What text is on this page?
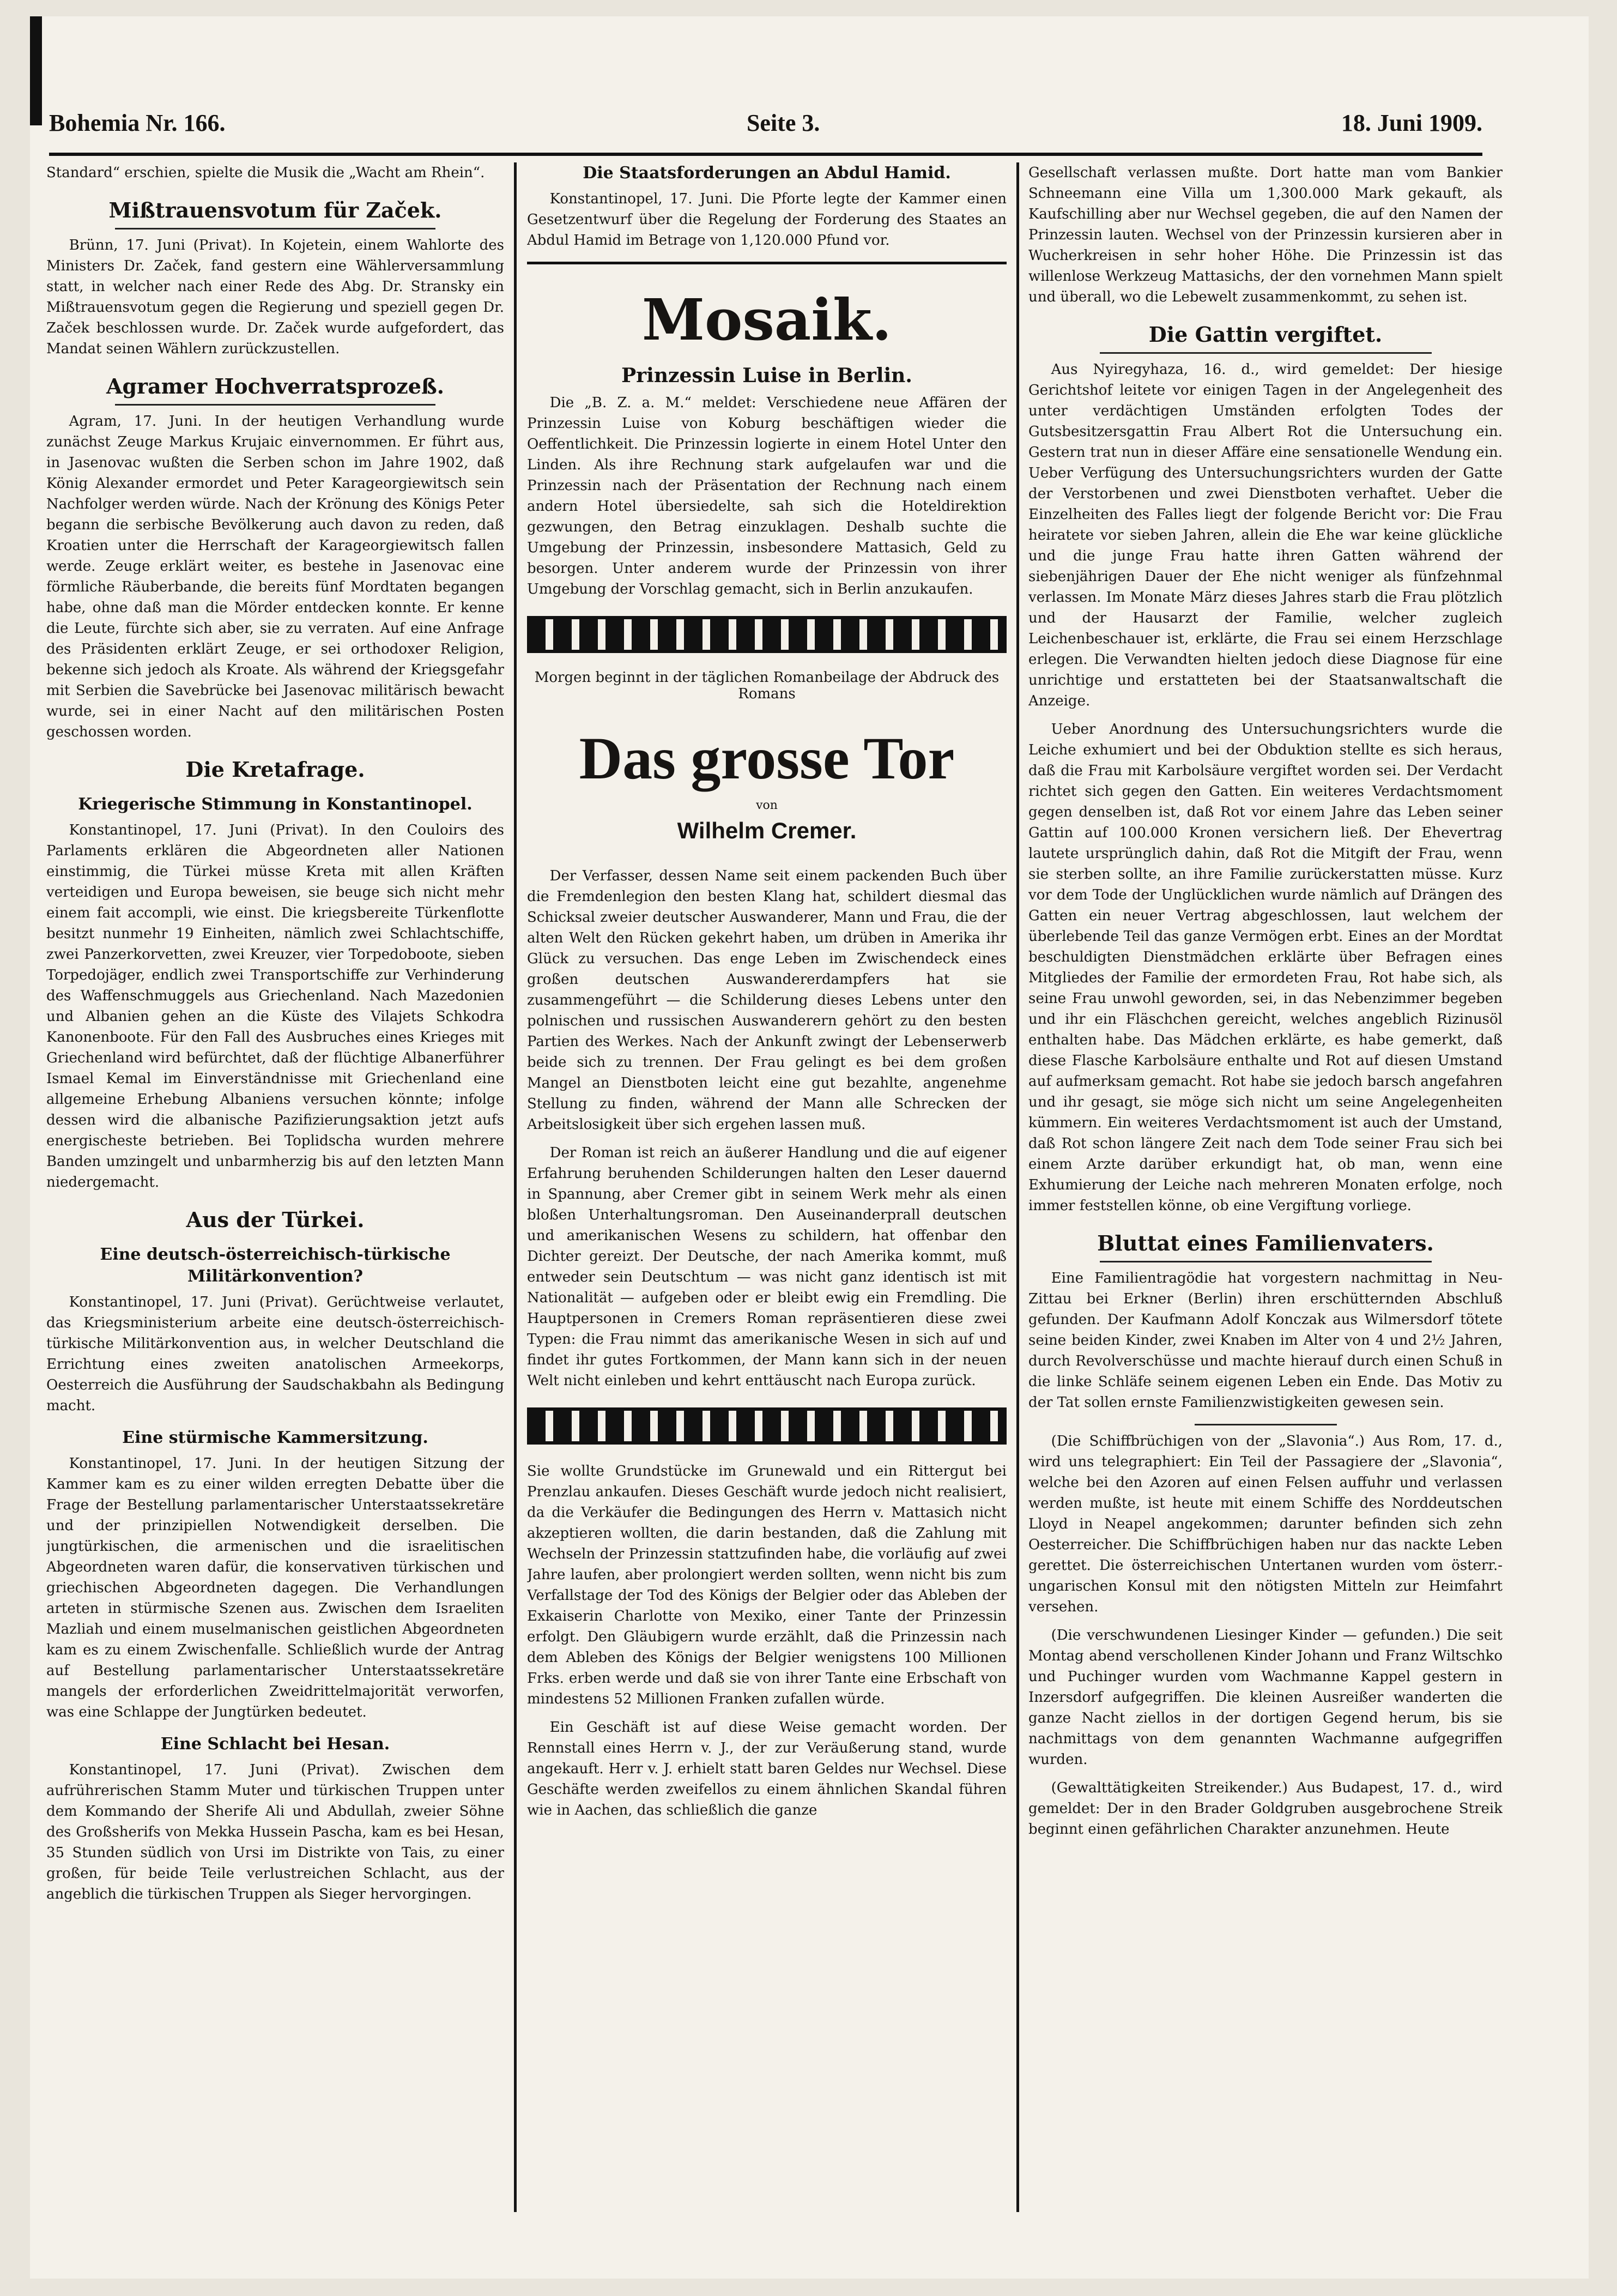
Bohemia Nr. 166.	Seite 3.	18. Juni 1909.

Standard“ erschien, spielte die Musik die „Wacht am Rhein“.

Mißtrauensvotum für Začek.

Brünn, 17. Juni (Privat). In Kojetein, einem Wahlorte des Ministers Dr. Začek, fand gestern eine Wählerversammlung statt, in welcher nach einer Rede des Abg. Dr. Stransky ein Mißtrauensvotum gegen die Regierung und speziell gegen Dr. Začek beschlossen wurde. Dr. Začek wurde aufgefordert, das Mandat seinen Wählern zurückzustellen.

Agramer Hochverratsprozeß.

Agram, 17. Juni. In der heutigen Verhandlung wurde zunächst Zeuge Markus Krujaic einvernommen. Er führt aus, in Jasenovac wußten die Serben schon im Jahre 1902, daß König Alexander ermordet und Peter Karageorgiewitsch sein Nachfolger werden würde. Nach der Krönung des Königs Peter begann die serbische Bevölkerung auch davon zu reden, daß Kroatien unter die Herrschaft der Karageorgiewitsch fallen werde. Zeuge erklärt weiter, es bestehe in Jasenovac eine förmliche Räuberbande, die bereits fünf Mordtaten begangen habe, ohne daß man die Mörder entdecken konnte. Er kenne die Leute, fürchte sich aber, sie zu verraten. Auf eine Anfrage des Präsidenten erklärt Zeuge, er sei orthodoxer Religion, bekenne sich jedoch als Kroate. Als während der Kriegsgefahr mit Serbien die Savebrücke bei Jasenovac militärisch bewacht wurde, sei in einer Nacht auf den militärischen Posten geschossen worden.

Die Kretafrage.
Kriegerische Stimmung in Konstantinopel.

Konstantinopel, 17. Juni (Privat). In den Couloirs des Parlaments erklären die Abgeordneten aller Nationen einstimmig, die Türkei müsse Kreta mit allen Kräften verteidigen und Europa beweisen, sie beuge sich nicht mehr einem fait accompli, wie einst. Die kriegsbereite Türkenflotte besitzt nunmehr 19 Einheiten, nämlich zwei Schlachtschiffe, zwei Panzerkorvetten, zwei Kreuzer, vier Torpedoboote, sieben Torpedojäger, endlich zwei Transportschiffe zur Verhinderung des Waffenschmuggels aus Griechenland. Nach Mazedonien und Albanien gehen an die Küste des Vilajets Schkodra Kanonenboote. Für den Fall des Ausbruches eines Krieges mit Griechenland wird befürchtet, daß der flüchtige Albanerführer Ismael Kemal im Einverständnisse mit Griechenland eine allgemeine Erhebung Albaniens versuchen könnte; infolge dessen wird die albanische Pazifizierungsaktion jetzt aufs energischeste betrieben. Bei Toplidscha wurden mehrere Banden umzingelt und unbarmherzig bis auf den letzten Mann niedergemacht.

Aus der Türkei.
Eine deutsch-österreichisch-türkische Militärkonvention?

Konstantinopel, 17. Juni (Privat). Gerüchtweise verlautet, das Kriegsministerium arbeite eine deutsch-österreichisch-türkische Militärkonvention aus, in welcher Deutschland die Errichtung eines zweiten anatolischen Armeekorps, Oesterreich die Ausführung der Saudschakbahn als Bedingung macht.

Eine stürmische Kammersitzung.

Konstantinopel, 17. Juni. In der heutigen Sitzung der Kammer kam es zu einer wilden erregten Debatte über die Frage der Bestellung parlamentarischer Unterstaatssekretäre und der prinzipiellen Notwendigkeit derselben. Die jungtürkischen, die armenischen und die israelitischen Abgeordneten waren dafür, die konservativen türkischen und griechischen Abgeordneten dagegen. Die Verhandlungen arteten in stürmische Szenen aus. Zwischen dem Israeliten Mazliah und einem muselmanischen geistlichen Abgeordneten kam es zu einem Zwischenfalle. Schließlich wurde der Antrag auf Bestellung parlamentarischer Unterstaatssekretäre mangels der erforderlichen Zweidrittelmajorität verworfen, was eine Schlappe der Jungtürken bedeutet.

Eine Schlacht bei Hesan.

Konstantinopel, 17. Juni (Privat). Zwischen dem aufrührerischen Stamm Muter und türkischen Truppen unter dem Kommando der Sherife Ali und Abdullah, zweier Söhne des Großsherifs von Mekka Hussein Pascha, kam es bei Hesan, 35 Stunden südlich von Ursi im Distrikte von Tais, zu einer großen, für beide Teile verlustreichen Schlacht, aus der angeblich die türkischen Truppen als Sieger hervorgingen.

Die Staatsforderungen an Abdul Hamid.

Konstantinopel, 17. Juni. Die Pforte legte der Kammer einen Gesetzentwurf über die Regelung der Forderung des Staates an Abdul Hamid im Betrage von 1,120.000 Pfund vor.

Mosaik.
Prinzessin Luise in Berlin.

Die „B. Z. a. M.“ meldet: Verschiedene neue Affären der Prinzessin Luise von Koburg beschäftigen wieder die Oeffentlichkeit. Die Prinzessin logierte in einem Hotel Unter den Linden. Als ihre Rechnung stark aufgelaufen war und die Prinzessin nach der Präsentation der Rechnung nach einem andern Hotel übersiedelte, sah sich die Hoteldirektion gezwungen, den Betrag einzuklagen. Deshalb suchte die Umgebung der Prinzessin, insbesondere Mattasich, Geld zu besorgen. Unter anderem wurde der Prinzessin von ihrer Umgebung der Vorschlag gemacht, sich in Berlin anzukaufen.

Morgen beginnt in der täglichen Romanbeilage der Abdruck des Romans
Das grosse Tor
von
Wilhelm Cremer.

Der Verfasser, dessen Name seit einem packenden Buch über die Fremdenlegion den besten Klang hat, schildert diesmal das Schicksal zweier deutscher Auswanderer, Mann und Frau, die der alten Welt den Rücken gekehrt haben, um drüben in Amerika ihr Glück zu versuchen. Das enge Leben im Zwischendeck eines großen deutschen Auswandererdampfers hat sie zusammengeführt — die Schilderung dieses Lebens unter den polnischen und russischen Auswanderern gehört zu den besten Partien des Werkes. Nach der Ankunft zwingt der Lebenserwerb beide sich zu trennen. Der Frau gelingt es bei dem großen Mangel an Dienstboten leicht eine gut bezahlte, angenehme Stellung zu finden, während der Mann alle Schrecken der Arbeitslosigkeit über sich ergehen lassen muß.

Der Roman ist reich an äußerer Handlung und die auf eigener Erfahrung beruhenden Schilderungen halten den Leser dauernd in Spannung, aber Cremer gibt in seinem Werk mehr als einen bloßen Unterhaltungsroman. Den Auseinanderprall deutschen und amerikanischen Wesens zu schildern, hat offenbar den Dichter gereizt. Der Deutsche, der nach Amerika kommt, muß entweder sein Deutschtum — was nicht ganz identisch ist mit Nationalität — aufgeben oder er bleibt ewig ein Fremdling. Die Hauptpersonen in Cremers Roman repräsentieren diese zwei Typen: die Frau nimmt das amerikanische Wesen in sich auf und findet ihr gutes Fortkommen, der Mann kann sich in der neuen Welt nicht einleben und kehrt enttäuscht nach Europa zurück.

Sie wollte Grundstücke im Grunewald und ein Rittergut bei Prenzlau ankaufen. Dieses Geschäft wurde jedoch nicht realisiert, da die Verkäufer die Bedingungen des Herrn v. Mattasich nicht akzeptieren wollten, die darin bestanden, daß die Zahlung mit Wechseln der Prinzessin stattzufinden habe, die vorläufig auf zwei Jahre laufen, aber prolongiert werden sollten, wenn nicht bis zum Verfallstage der Tod des Königs der Belgier oder das Ableben der Exkaiserin Charlotte von Mexiko, einer Tante der Prinzessin erfolgt. Den Gläubigern wurde erzählt, daß die Prinzessin nach dem Ableben des Königs der Belgier wenigstens 100 Millionen Frks. erben werde und daß sie von ihrer Tante eine Erbschaft von mindestens 52 Millionen Franken zufallen würde.

Ein Geschäft ist auf diese Weise gemacht worden. Der Rennstall eines Herrn v. J., der zur Veräußerung stand, wurde angekauft. Herr v. J. erhielt statt baren Geldes nur Wechsel. Diese Geschäfte werden zweifellos zu einem ähnlichen Skandal führen wie in Aachen, das schließlich die ganze

Gesellschaft verlassen mußte. Dort hatte man vom Bankier Schneemann eine Villa um 1,300.000 Mark gekauft, als Kaufschilling aber nur Wechsel gegeben, die auf den Namen der Prinzessin lauten. Wechsel von der Prinzessin kursieren aber in Wucherkreisen in sehr hoher Höhe. Die Prinzessin ist das willenlose Werkzeug Mattasichs, der den vornehmen Mann spielt und überall, wo die Lebewelt zusammenkommt, zu sehen ist.

Die Gattin vergiftet.

Aus Nyiregyhaza, 16. d., wird gemeldet: Der hiesige Gerichtshof leitete vor einigen Tagen in der Angelegenheit des unter verdächtigen Umständen erfolgten Todes der Gutsbesitzersgattin Frau Albert Rot die Untersuchung ein. Gestern trat nun in dieser Affäre eine sensationelle Wendung ein. Ueber Verfügung des Untersuchungsrichters wurden der Gatte der Verstorbenen und zwei Dienstboten verhaftet. Ueber die Einzelheiten des Falles liegt der folgende Bericht vor: Die Frau heiratete vor sieben Jahren, allein die Ehe war keine glückliche und die junge Frau hatte ihren Gatten während der siebenjährigen Dauer der Ehe nicht weniger als fünfzehnmal verlassen. Im Monate März dieses Jahres starb die Frau plötzlich und der Hausarzt der Familie, welcher zugleich Leichenbeschauer ist, erklärte, die Frau sei einem Herzschlage erlegen. Die Verwandten hielten jedoch diese Diagnose für eine unrichtige und erstatteten bei der Staatsanwaltschaft die Anzeige.

Ueber Anordnung des Untersuchungsrichters wurde die Leiche exhumiert und bei der Obduktion stellte es sich heraus, daß die Frau mit Karbolsäure vergiftet worden sei. Der Verdacht richtet sich gegen den Gatten. Ein weiteres Verdachtsmoment gegen denselben ist, daß Rot vor einem Jahre das Leben seiner Gattin auf 100.000 Kronen versichern ließ. Der Ehevertrag lautete ursprünglich dahin, daß Rot die Mitgift der Frau, wenn sie sterben sollte, an ihre Familie zurückerstatten müsse. Kurz vor dem Tode der Unglücklichen wurde nämlich auf Drängen des Gatten ein neuer Vertrag abgeschlossen, laut welchem der überlebende Teil das ganze Vermögen erbt. Eines an der Mordtat beschuldigten Dienstmädchen erklärte über Befragen eines Mitgliedes der Familie der ermordeten Frau, Rot habe sich, als seine Frau unwohl geworden, sei, in das Nebenzimmer begeben und ihr ein Fläschchen gereicht, welches angeblich Rizinusöl enthalten habe. Das Mädchen erklärte, es habe gemerkt, daß diese Flasche Karbolsäure enthalte und Rot auf diesen Umstand auf aufmerksam gemacht. Rot habe sie jedoch barsch angefahren und ihr gesagt, sie möge sich nicht um seine Angelegenheiten kümmern. Ein weiteres Verdachtsmoment ist auch der Umstand, daß Rot schon längere Zeit nach dem Tode seiner Frau sich bei einem Arzte darüber erkundigt hat, ob man, wenn eine Exhumierung der Leiche nach mehreren Monaten erfolge, noch immer feststellen könne, ob eine Vergiftung vorliege.

Bluttat eines Familienvaters.

Eine Familientragödie hat vorgestern nachmittag in Neu-Zittau bei Erkner (Berlin) ihren erschütternden Abschluß gefunden. Der Kaufmann Adolf Konczak aus Wilmersdorf tötete seine beiden Kinder, zwei Knaben im Alter von 4 und 2½ Jahren, durch Revolverschüsse und machte hierauf durch einen Schuß in die linke Schläfe seinem eigenen Leben ein Ende. Das Motiv zu der Tat sollen ernste Familienzwistigkeiten gewesen sein.

(Die Schiffbrüchigen von der „Slavonia“.) Aus Rom, 17. d., wird uns telegraphiert: Ein Teil der Passagiere der „Slavonia“, welche bei den Azoren auf einen Felsen auffuhr und verlassen werden mußte, ist heute mit einem Schiffe des Norddeutschen Lloyd in Neapel angekommen; darunter befinden sich zehn Oesterreicher. Die Schiffbrüchigen haben nur das nackte Leben gerettet. Die österreichischen Untertanen wurden vom österr.-ungarischen Konsul mit den nötigsten Mitteln zur Heimfahrt versehen.

(Die verschwundenen Liesinger Kinder — gefunden.) Die seit Montag abend verschollenen Kinder Johann und Franz Wiltschko und Puchinger wurden vom Wachmanne Kappel gestern in Inzersdorf aufgegriffen. Die kleinen Ausreißer wanderten die ganze Nacht ziellos in der dortigen Gegend herum, bis sie nachmittags von dem genannten Wachmanne aufgegriffen wurden.

(Gewalttätigkeiten Streikender.) Aus Budapest, 17. d., wird gemeldet: Der in den Brader Goldgruben ausgebrochene Streik beginnt einen gefährlichen Charakter anzunehmen. Heute
